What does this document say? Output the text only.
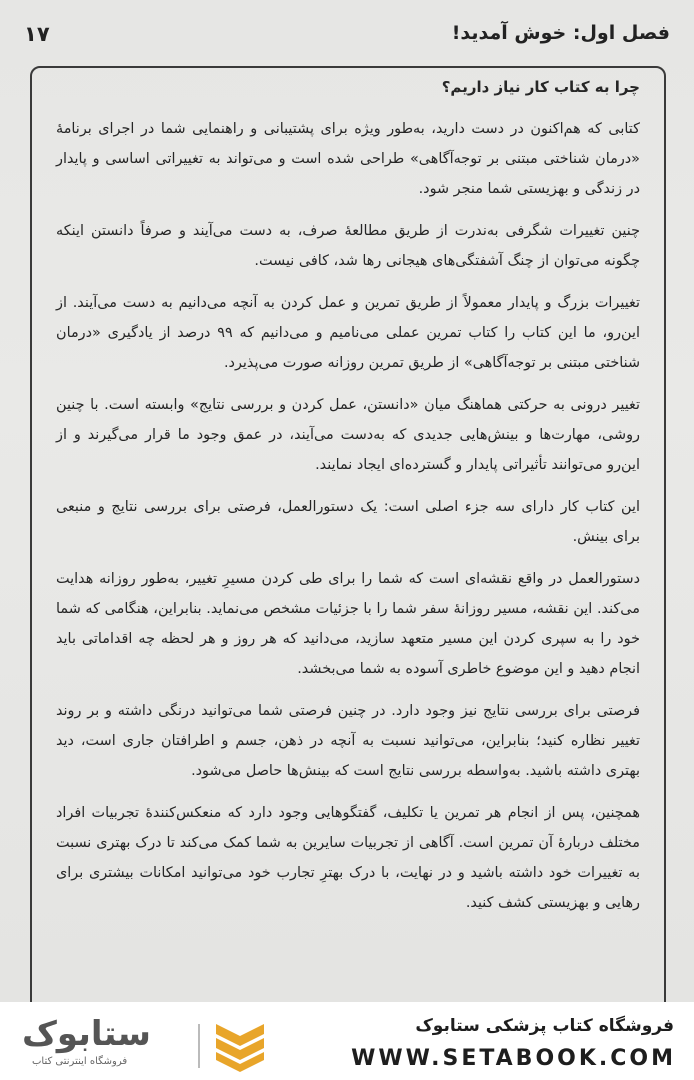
فصل اول: خوش آمدید!
۱۷
چرا به کتاب کار نیاز داریم؟

کتابی که هم‌اکنون در دست دارید، به‌طور ویژه برای پشتیبانی و راهنمایی شما در اجرای برنامهٔ «درمان شناختی مبتنی بر توجه‌آگاهی» طراحی شده است و می‌تواند به تغییراتی اساسی و پایدار در زندگی و بهزیستی شما منجر شود.

چنین تغییرات شگرفی به‌ندرت از طریق مطالعهٔ صرف، به دست می‌آیند و صرفاً دانستن اینکه چگونه می‌توان از چنگ آشفتگی‌های هیجانی رها شد، کافی نیست.

تغییرات بزرگ و پایدار معمولاً از طریق تمرین و عمل کردن به آنچه می‌دانیم به دست می‌آیند. از این‌رو، ما این کتاب را کتاب تمرین عملی می‌نامیم و می‌دانیم که ۹۹ درصد از یادگیری «درمان شناختی مبتنی بر توجه‌آگاهی» از طریق تمرین روزانه صورت می‌پذیرد.

تغییر درونی به حرکتی هماهنگ میان «دانستن، عمل کردن و بررسی نتایج» وابسته است. با چنین روشی، مهارت‌ها و بینش‌هایی جدیدی که به‌دست می‌آیند، در عمق وجود ما قرار می‌گیرند و از این‌رو می‌توانند تأثیراتی پایدار و گسترده‌ای ایجاد نمایند.

این کتاب کار دارای سه جزء اصلی است: یک دستورالعمل، فرصتی برای بررسی نتایج و منبعی برای بینش.

دستورالعمل در واقع نقشه‌ای است که شما را برای طی کردن مسیرِ تغییر، به‌طور روزانه هدایت می‌کند. این نقشه، مسیر روزانهٔ سفر شما را با جزئیات مشخص می‌نماید. بنابراین، هنگامی که شما خود را به سپری کردن این مسیر متعهد سازید، می‌دانید که هر روز و هر لحظه چه اقداماتی باید انجام دهید و این موضوع خاطری آسوده به شما می‌بخشد.

فرصتی برای بررسی نتایج نیز وجود دارد. در چنین فرصتی شما می‌توانید درنگی داشته و بر روند تغییر نظاره کنید؛ بنابراین، می‌توانید نسبت به آنچه در ذهن، جسم و اطرافتان جاری است، دید بهتری داشته باشید. به‌واسطه بررسی نتایج است که بینش‌ها حاصل می‌شود.

همچنین، پس از انجام هر تمرین یا تکلیف، گفتگوهایی وجود دارد که منعکس‌کنندهٔ تجربیات افراد مختلف دربارهٔ آن تمرین است. آگاهی از تجربیات سایرین به شما کمک می‌کند تا درک بهتری نسبت به تغییرات خود داشته باشید و در نهایت، با درک بهترِ تجارب خود می‌توانید امکانات بیشتری برای رهایی و بهزیستی کشف کنید.

ستابوک
فروشگاه اینترنتی کتاب
فروشگاه کتاب پزشکی ستابوک
WWW.SETABOOK.COM
